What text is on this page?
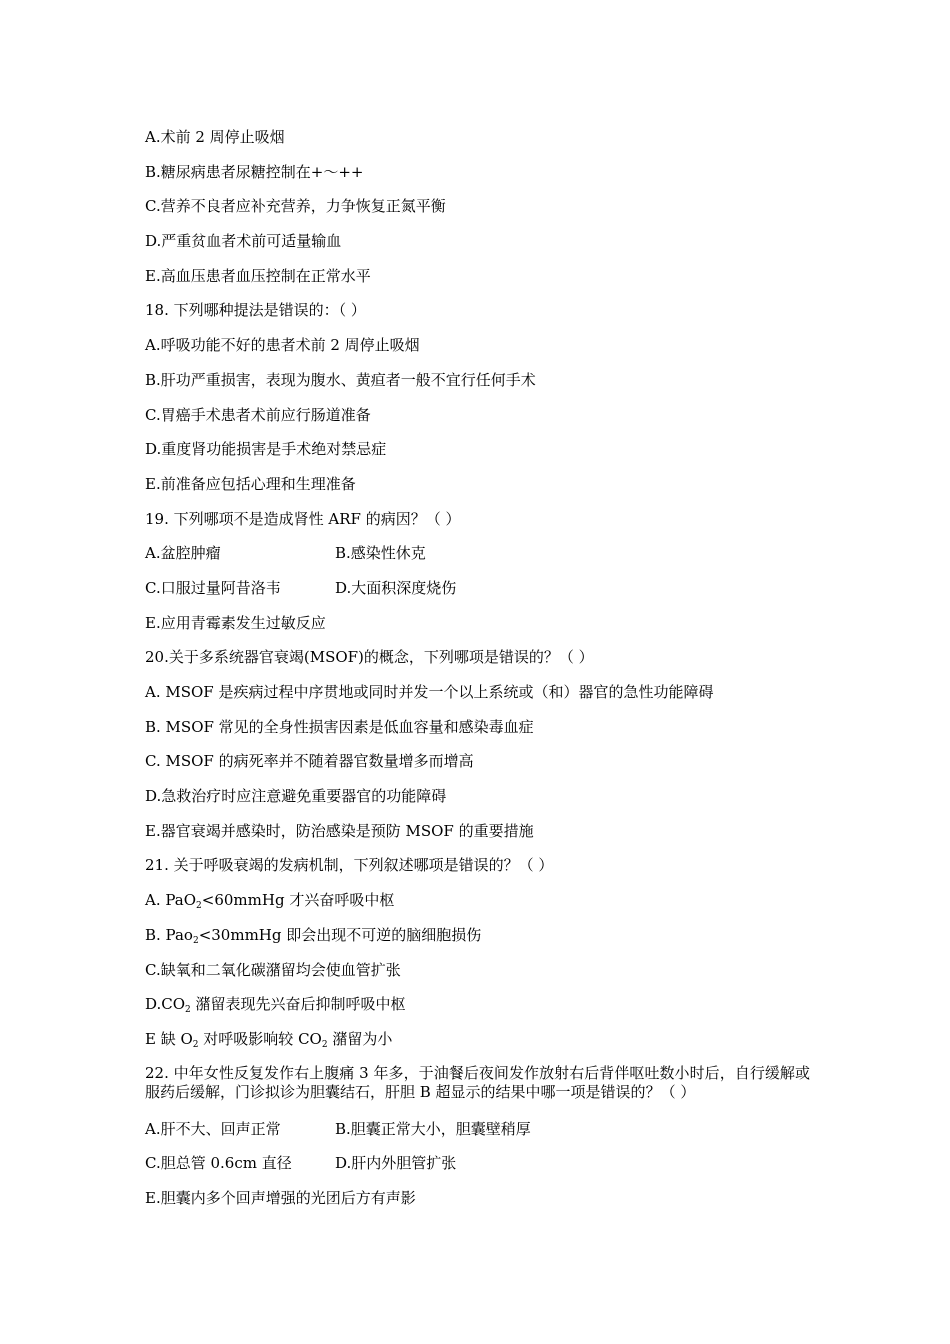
A.术前 2 周停止吸烟
B.糖尿病患者尿糖控制在+～++
C.营养不良者应补充营养，力争恢复正氮平衡
D.严重贫血者术前可适量输血
E.高血压患者血压控制在正常水平
18. 下列哪种提法是错误的：（ ）
A.呼吸功能不好的患者术前 2 周停止吸烟
B.肝功严重损害，表现为腹水、黄疸者一般不宜行任何手术
C.胃癌手术患者术前应行肠道准备
D.重度肾功能损害是手术绝对禁忌症
E.前准备应包括心理和生理准备
19. 下列哪项不是造成肾性 ARF 的病因？（ ）
A.盆腔肿瘤	B.感染性休克
C.口服过量阿昔洛韦	D.大面积深度烧伤
E.应用青霉素发生过敏反应
20.关于多系统器官衰竭(MSOF)的概念，下列哪项是错误的？（ ）
A. MSOF 是疾病过程中序贯地或同时并发一个以上系统或（和）器官的急性功能障碍
B. MSOF 常见的全身性损害因素是低血容量和感染毒血症
C. MSOF 的病死率并不随着器官数量增多而增高
D.急救治疗时应注意避免重要器官的功能障碍
E.器官衰竭并感染时，防治感染是预防 MSOF 的重要措施
21. 关于呼吸衰竭的发病机制，下列叙述哪项是错误的？（ ）
A. PaO$_2$<60mmHg 才兴奋呼吸中枢
B. Pao$_2$<30mmHg 即会出现不可逆的脑细胞损伤
C.缺氧和二氧化碳潴留均会使血管扩张
$D.CO_2$ 潴留表现先兴奋后抑制呼吸中枢
E 缺 $O_2$ 对呼吸影响较 $CO_2$ 潴留为小
22. 中年女性反复发作右上腹痛 3 年多，于油餐后夜间发作放射右后背伴呕吐数小时后，自行缓解或服药后缓解，门诊拟诊为胆囊结石，肝胆 B 超显示的结果中哪一项是错误的？（ ）
A.肝不大、回声正常	B.胆囊正常大小，胆囊壁稍厚
C.胆总管 0.6cm 直径	D.肝内外胆管扩张
E.胆囊内多个回声增强的光团后方有声影
